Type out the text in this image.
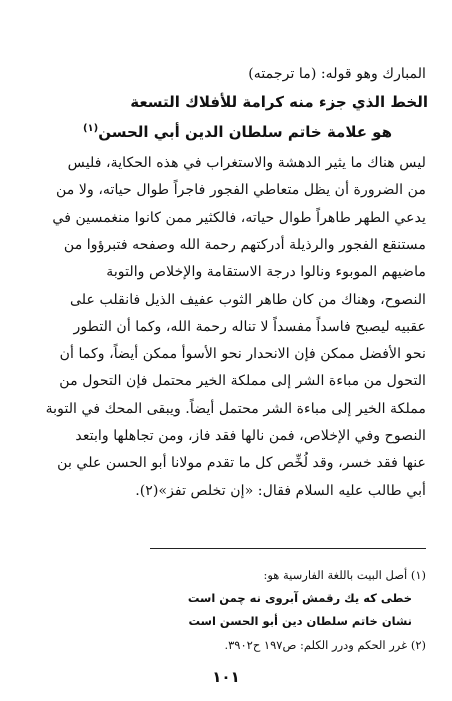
المبارك وهو قوله: (ما ترجمته)
الخط الذي جزء منه كرامة للأفلاك التسعة
هو علامة خاتم سلطان الدين أبي الحسن$^{(١)}$
ليس هناك ما يثير الدهشة والاستغراب في هذه الحكاية، فليس
من الضرورة أن يظل متعاطي الفجور فاجراً طوال حياته، ولا من
يدعي الطهر طاهراً طوال حياته، فالكثير ممن كانوا منغمسين في
مستنقع الفجور والرذيلة أدركتهم رحمة الله وصفحه فتبرؤوا من
ماضيهم الموبوء ونالوا درجة الاستقامة والإخلاص والتوبة
النصوح، وهناك من كان طاهر الثوب عفيف الذيل فانقلب على
عقبيه ليصبح فاسداً مفسداً لا تناله رحمة الله، وكما أن التطور
نحو الأفضل ممكن فإن الانحدار نحو الأسوأ ممكن أيضاً، وكما أن
التحول من مباءة الشر إلى مملكة الخير محتمل فإن التحول من
مملكة الخير إلى مباءة الشر محتمل أيضاً. ويبقى المحك في التوبة
النصوح وفي الإخلاص، فمن نالها فقد فاز، ومن تجاهلها وابتعد
عنها فقد خسر، وقد لُخِّص كل ما تقدم مولانا أبو الحسن علي بن
أبي طالب عليه السلام فقال: «إن تخلص تفز»(٢).
(١) أصل البيت باللغة الفارسية هو:
خطى كه يك رقمش آبروى نه چمن است
نشان خاتم سلطان دين أبو الحسن است
(٢) غرر الحكم ودرر الكلم: ص١٩٧ ح٣٩٠٢.
١٠١
